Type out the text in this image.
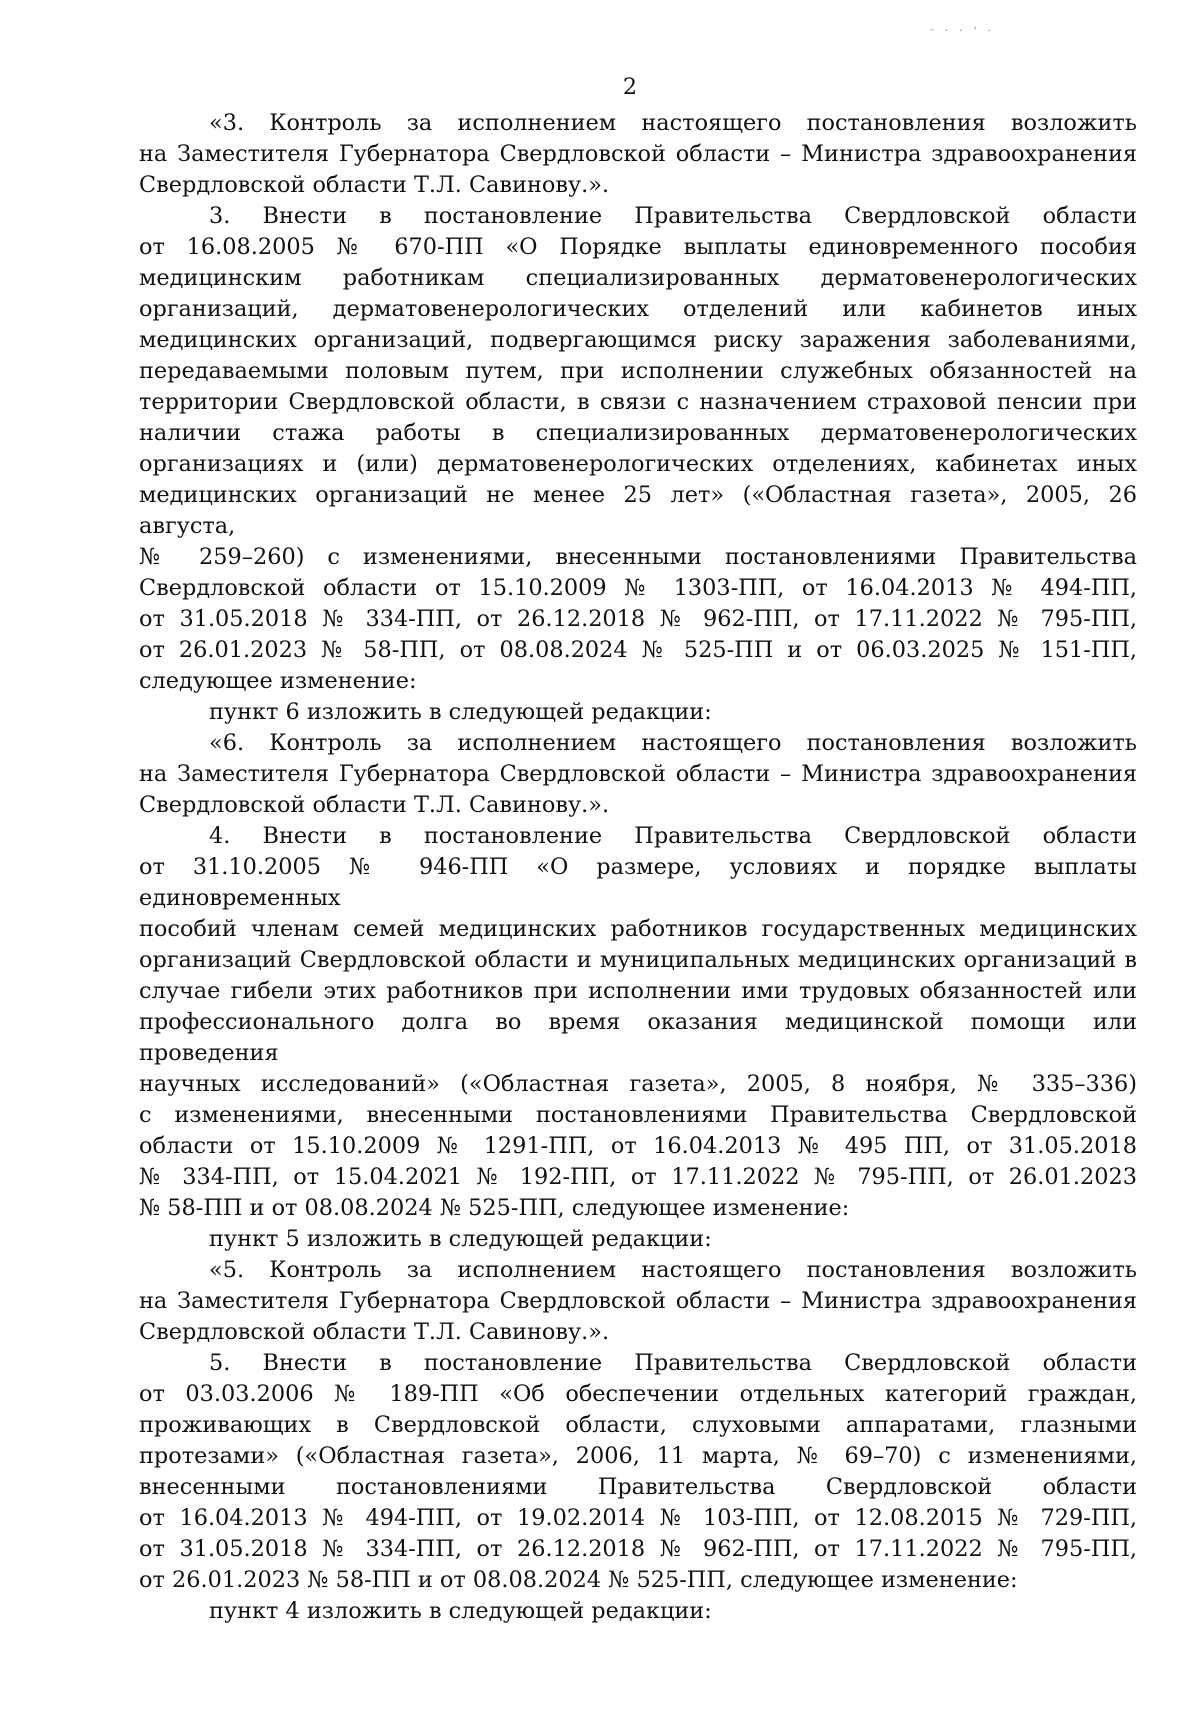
ᵕ · · ' ·
2
«3. Контроль за исполнением настоящего постановления возложить
на Заместителя Губернатора Свердловской области – Министра здравоохранения
Свердловской области Т.Л. Савинову.».
3. Внести в постановление Правительства Свердловской области
от 16.08.2005 № 670-ПП «О Порядке выплаты единовременного пособия
медицинским работникам специализированных дерматовенерологических
организаций, дерматовенерологических отделений или кабинетов иных
медицинских организаций, подвергающимся риску заражения заболеваниями,
передаваемыми половым путем, при исполнении служебных обязанностей на
территории Свердловской области, в связи с назначением страховой пенсии при
наличии стажа работы в специализированных дерматовенерологических
организациях и (или) дерматовенерологических отделениях, кабинетах иных
медицинских организаций не менее 25 лет» («Областная газета», 2005, 26 августа,
№ 259–260) с изменениями, внесенными постановлениями Правительства
Свердловской области от 15.10.2009 № 1303-ПП, от 16.04.2013 № 494-ПП,
от 31.05.2018 № 334-ПП, от 26.12.2018 № 962-ПП, от 17.11.2022 № 795-ПП,
от 26.01.2023 № 58-ПП, от 08.08.2024 № 525-ПП и от 06.03.2025 № 151-ПП,
следующее изменение:
пункт 6 изложить в следующей редакции:
«6. Контроль за исполнением настоящего постановления возложить
на Заместителя Губернатора Свердловской области – Министра здравоохранения
Свердловской области Т.Л. Савинову.».
4. Внести в постановление Правительства Свердловской области
от 31.10.2005 № 946-ПП «О размере, условиях и порядке выплаты единовременных
пособий членам семей медицинских работников государственных медицинских
организаций Свердловской области и муниципальных медицинских организаций в
случае гибели этих работников при исполнении ими трудовых обязанностей или
профессионального долга во время оказания медицинской помощи или проведения
научных исследований» («Областная газета», 2005, 8 ноября, № 335–336)
с изменениями, внесенными постановлениями Правительства Свердловской
области от 15.10.2009 № 1291-ПП, от 16.04.2013 № 495 ПП, от 31.05.2018
№ 334-ПП, от 15.04.2021 № 192-ПП, от 17.11.2022 № 795-ПП, от 26.01.2023
№ 58-ПП и от 08.08.2024 № 525-ПП, следующее изменение:
пункт 5 изложить в следующей редакции:
«5. Контроль за исполнением настоящего постановления возложить
на Заместителя Губернатора Свердловской области – Министра здравоохранения
Свердловской области Т.Л. Савинову.».
5. Внести в постановление Правительства Свердловской области
от 03.03.2006 № 189-ПП «Об обеспечении отдельных категорий граждан,
проживающих в Свердловской области, слуховыми аппаратами, глазными
протезами» («Областная газета», 2006, 11 марта, № 69–70) с изменениями,
внесенными постановлениями Правительства Свердловской области
от 16.04.2013 № 494-ПП, от 19.02.2014 № 103-ПП, от 12.08.2015 № 729-ПП,
от 31.05.2018 № 334-ПП, от 26.12.2018 № 962-ПП, от 17.11.2022 № 795-ПП,
от 26.01.2023 № 58-ПП и от 08.08.2024 № 525-ПП, следующее изменение:
пункт 4 изложить в следующей редакции:
